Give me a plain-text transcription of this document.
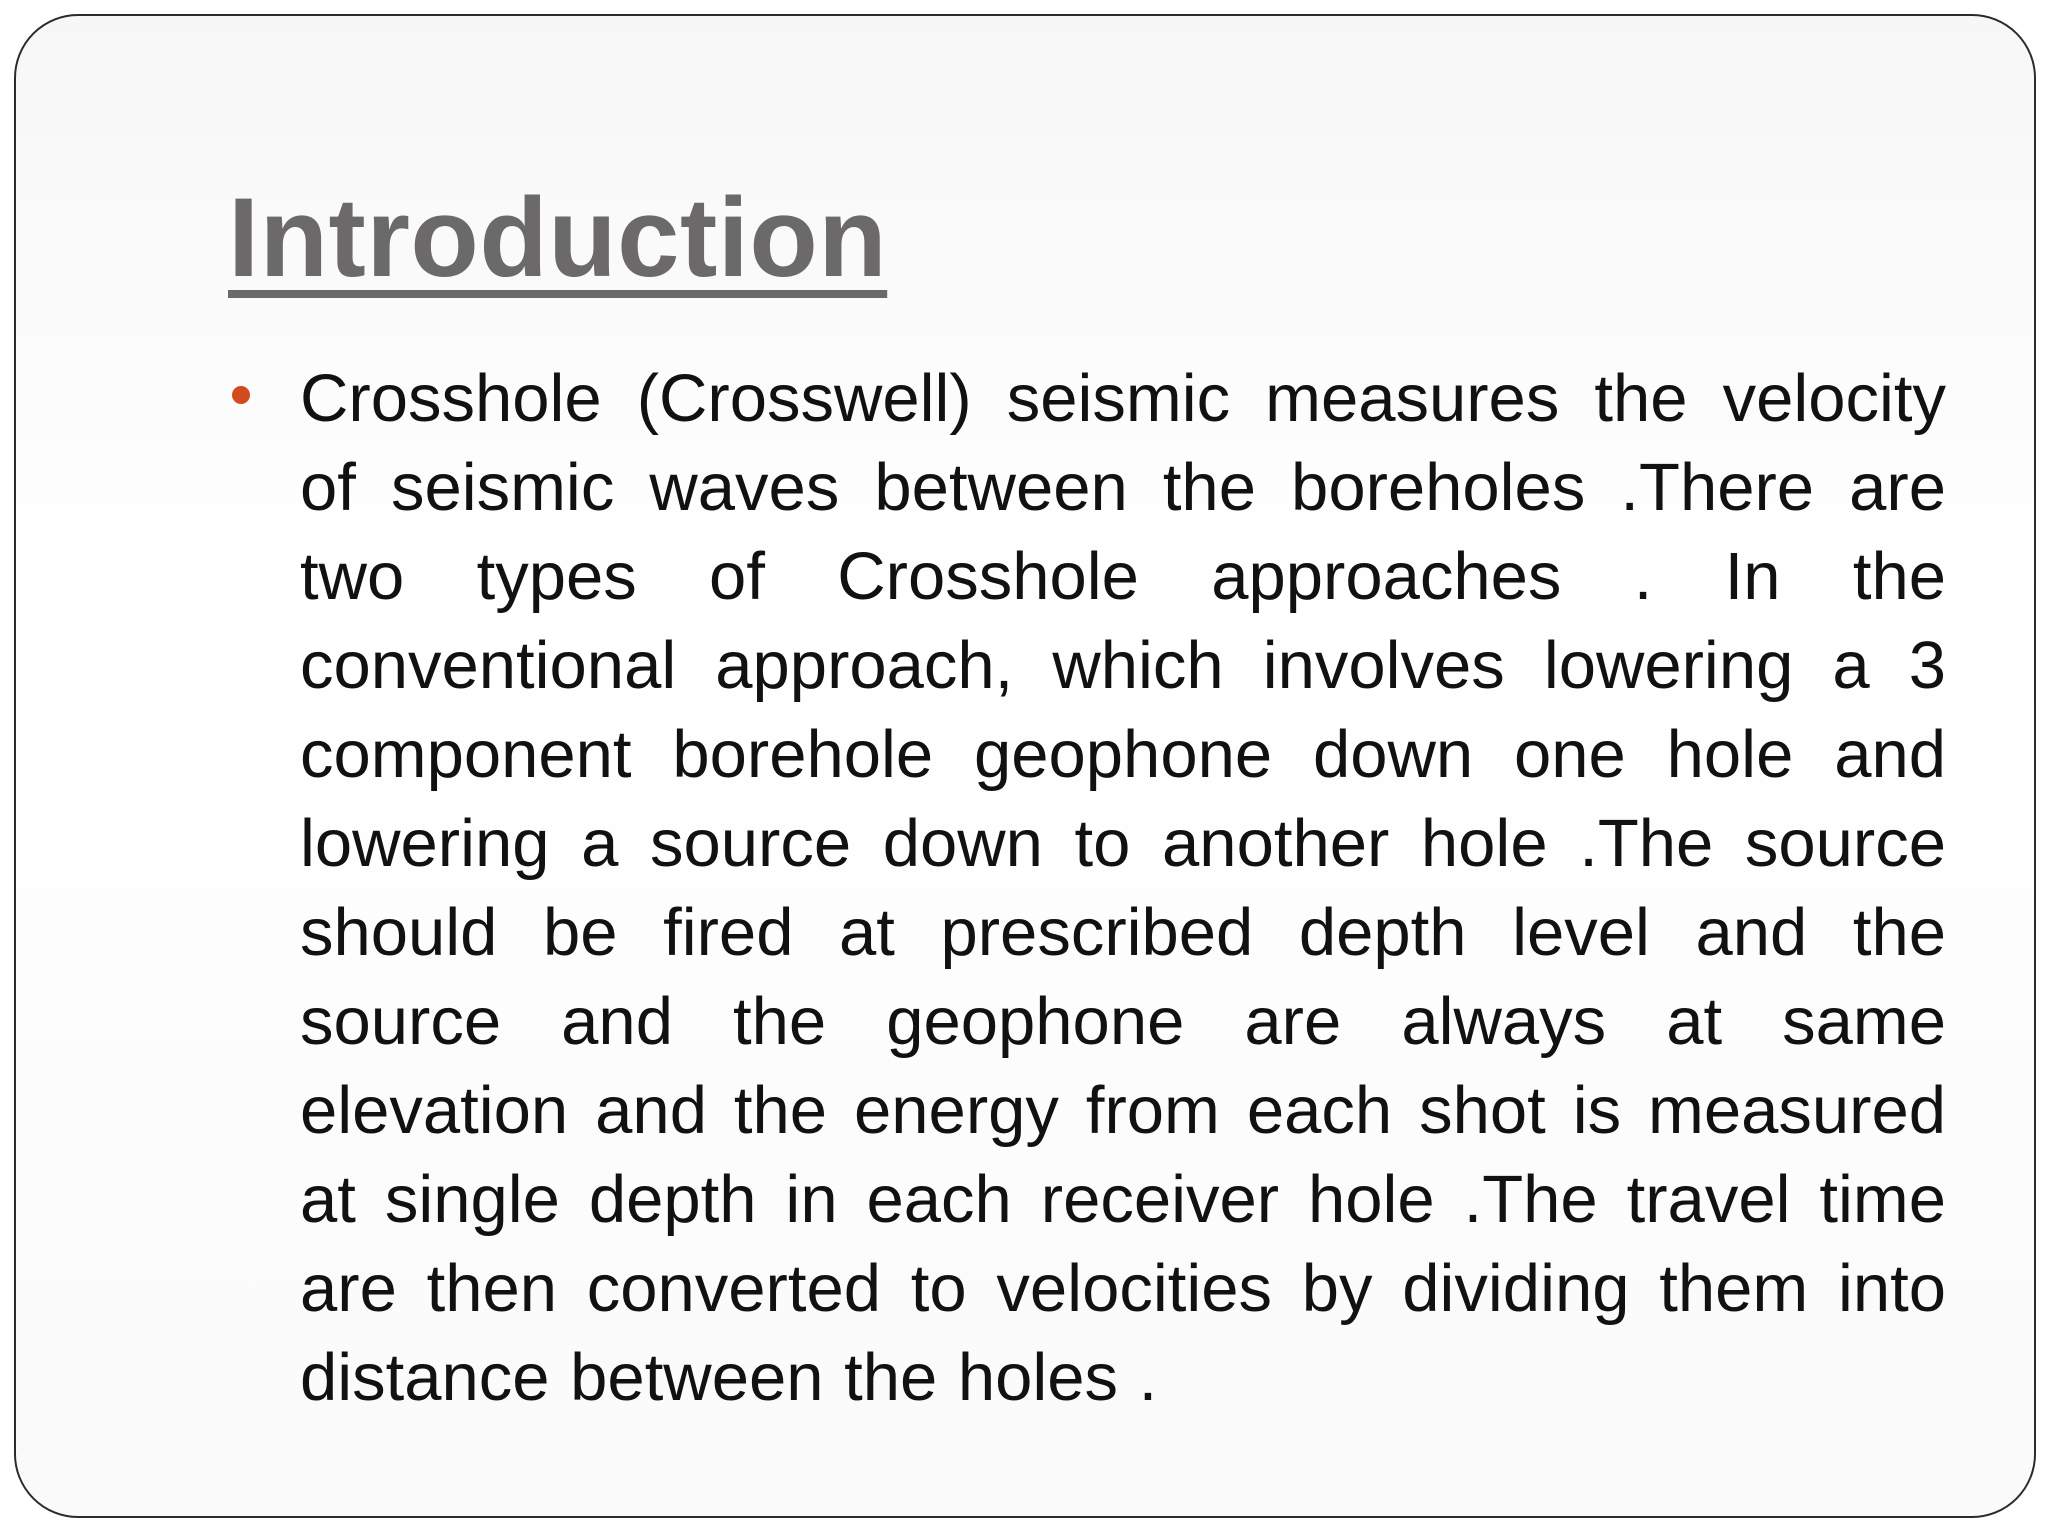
Introduction

Crosshole (Crosswell) seismic measures the velocity of seismic waves between the boreholes .There are two types of Crosshole approaches . In the conventional approach, which involves lowering a 3 component borehole geophone down one hole and lowering a source down to another hole .The source should be fired at prescribed depth level and the source and the geophone are always at same elevation and the energy from each shot is measured at single depth in each receiver hole .The travel time are then converted to velocities by dividing them into distance between the holes .
